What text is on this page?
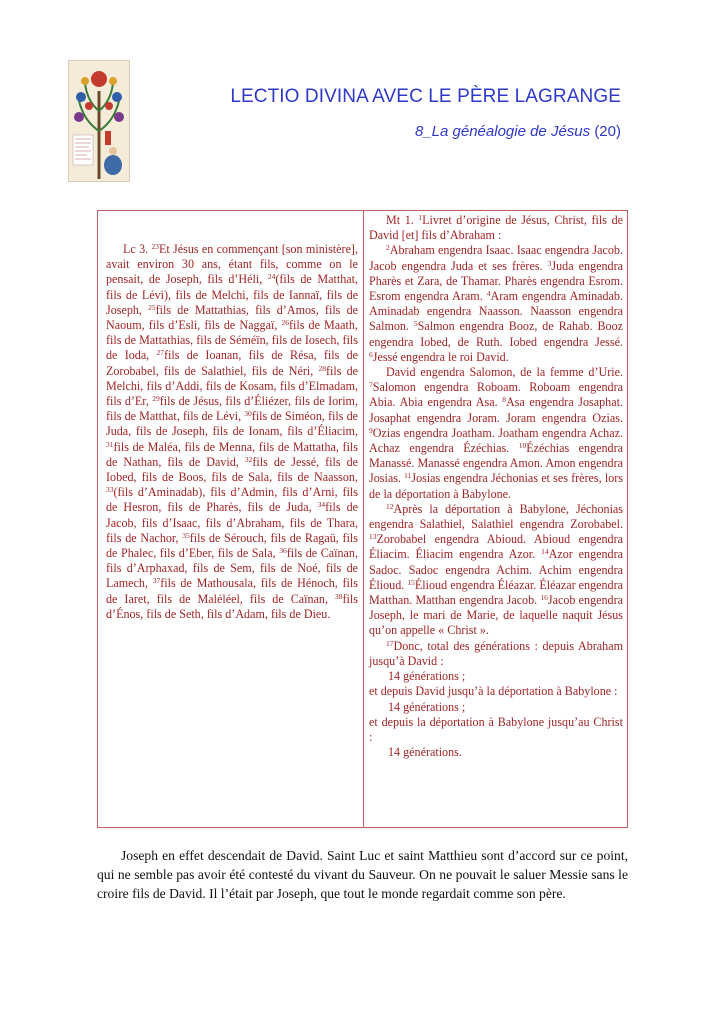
LECTIO DIVINA AVEC LE PÈRE LAGRANGE
8_La généalogie de Jésus (20)

Lc 3. $^{23}$Et Jésus en commençant [son ministère], avait environ 30 ans, étant fils, comme on le pensait, de Joseph, fils d’Héli, $^{24}$(fils de Matthat, fils de Lévi), fils de Melchi, fils de Iannaï, fils de Joseph, $^{25}$fils de Mattathias, fils d’Amos, fils de Naoum, fils d’Esli, fils de Naggaï, $^{26}$fils de Maath, fils de Mattathias, fils de Séméïn, fils de Iosech, fils de Ioda, $^{27}$fils de Ioanan, fils de Résa, fils de Zorobabel, fils de Salathiel, fils de Néri, $^{28}$fils de Melchi, fils d’Addi, fils de Kosam, fils d’Elmadam, fils d’Er, $^{29}$fils de Jésus, fils d’Éliézer, fils de Iorim, fils de Matthat, fils de Lévi, $^{30}$fils de Siméon, fils de Juda, fils de Joseph, fils de Ionam, fils d’Éliacim, $^{31}$fils de Maléa, fils de Menna, fils de Mattatha, fils de Nathan, fils de David, $^{32}$fils de Jessé, fils de Iobed, fils de Boos, fils de Sala, fils de Naasson, $^{33}$(fils d’Aminadab), fils d’Admin, fils d’Arni, fils de Hesron, fils de Pharès, fils de Juda, $^{34}$fils de Jacob, fils d’Isaac, fils d’Abraham, fils de Thara, fils de Nachor, $^{35}$fils de Sérouch, fils de Ragaü, fils de Phalec, fils d’Eber, fils de Sala, $^{36}$fils de Caïnan, fils d’Arphaxad, fils de Sem, fils de Noé, fils de Lamech, $^{37}$fils de Mathousala, fils de Hénoch, fils de Iaret, fils de Maléléel, fils de Caïnan, $^{38}$fils d’Énos, fils de Seth, fils d’Adam, fils de Dieu.

Mt 1. $^1$Livret d’origine de Jésus, Christ, fils de David [et] fils d’Abraham :

$^2$Abraham engendra Isaac. Isaac engendra Jacob. Jacob engendra Juda et ses frères. $^3$Juda engendra Pharès et Zara, de Thamar. Pharès engendra Esrom. Esrom engendra Aram. $^4$Aram engendra Aminadab. Aminadab engendra Naasson. Naasson engendra Salmon. $^5$Salmon engendra Booz, de Rahab. Booz engendra Iobed, de Ruth. Iobed engendra Jessé. $^6$Jessé engendra le roi David.

David engendra Salomon, de la femme d’Urie. $^7$Salomon engendra Roboam. Roboam engendra Abia. Abia engendra Asa. $^8$Asa engendra Josaphat. Josaphat engendra Joram. Joram engendra Ozias. $^9$Ozias engendra Joatham. Joatham engendra Achaz. Achaz engendra Ézéchias. $^{10}$Ézéchias engendra Manassé. Manassé engendra Amon. Amon engendra Josias. $^{11}$Josias engendra Jéchonias et ses frères, lors de la déportation à Babylone.

$^{12}$Après la déportation à Babylone, Jéchonias engendra Salathiel, Salathiel engendra Zorobabel. $^{13}$Zorobabel engendra Abioud. Abioud engendra Éliacim. Éliacim engendra Azor. $^{14}$Azor engendra Sadoc. Sadoc engendra Achim. Achim engendra Élioud. $^{15}$Élioud engendra Éléazar. Éléazar engendra Matthan. Matthan engendra Jacob. $^{16}$Jacob engendra Joseph, le mari de Marie, de laquelle naquit Jésus qu’on appelle « Christ ».

$^{17}$Donc, total des générations : depuis Abraham jusqu’à David :

14 générations ;

et depuis David jusqu’à la déportation à Babylone :

14 générations ;

et depuis la déportation à Babylone jusqu’au Christ :

14 générations.

Joseph en effet descendait de David. Saint Luc et saint Matthieu sont d’accord sur ce point, qui ne semble pas avoir été contesté du vivant du Sauveur. On ne pouvait le saluer Messie sans le croire fils de David. Il l’était par Joseph, que tout le monde regardait comme son père.
